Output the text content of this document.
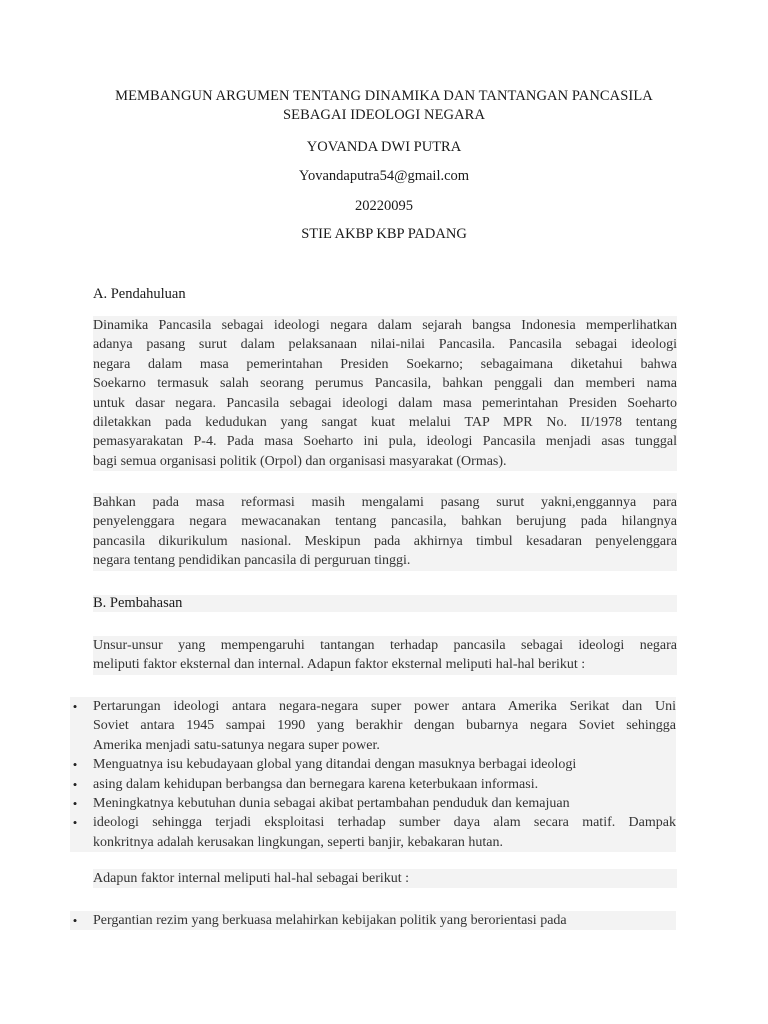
MEMBANGUN ARGUMEN TENTANG DINAMIKA DAN TANTANGAN PANCASILA
SEBAGAI IDEOLOGI NEGARA
YOVANDA DWI PUTRA
Yovandaputra54@gmail.com
20220095
STIE AKBP KBP PADANG
A. Pendahuluan
Dinamika Pancasila sebagai ideologi negara dalam sejarah bangsa Indonesia memperlihatkan
adanya pasang surut dalam pelaksanaan nilai-nilai Pancasila. Pancasila sebagai ideologi
negara dalam masa pemerintahan Presiden Soekarno; sebagaimana diketahui bahwa
Soekarno termasuk salah seorang perumus Pancasila, bahkan penggali dan memberi nama
untuk dasar negara. Pancasila sebagai ideologi dalam masa pemerintahan Presiden Soeharto
diletakkan pada kedudukan yang sangat kuat melalui TAP MPR No. II/1978 tentang
pemasyarakatan P-4. Pada masa Soeharto ini pula, ideologi Pancasila menjadi asas tunggal
bagi semua organisasi politik (Orpol) dan organisasi masyarakat (Ormas).
Bahkan pada masa reformasi masih mengalami pasang surut yakni,enggannya para
penyelenggara negara mewacanakan tentang pancasila, bahkan berujung pada hilangnya
pancasila dikurikulum nasional. Meskipun pada akhirnya timbul kesadaran penyelenggara
negara tentang pendidikan pancasila di perguruan tinggi.
B. Pembahasan
Unsur-unsur yang mempengaruhi tantangan terhadap pancasila sebagai ideologi negara
meliputi faktor eksternal dan internal. Adapun faktor eksternal meliputi hal-hal berikut :
• Pertarungan ideologi antara negara-negara super power antara Amerika Serikat dan Uni
Soviet antara 1945 sampai 1990 yang berakhir dengan bubarnya negara Soviet sehingga
Amerika menjadi satu-satunya negara super power.
• Menguatnya isu kebudayaan global yang ditandai dengan masuknya berbagai ideologi
• asing dalam kehidupan berbangsa dan bernegara karena keterbukaan informasi.
• Meningkatnya kebutuhan dunia sebagai akibat pertambahan penduduk dan kemajuan
• ideologi sehingga terjadi eksploitasi terhadap sumber daya alam secara matif. Dampak
konkritnya adalah kerusakan lingkungan, seperti banjir, kebakaran hutan.
Adapun faktor internal meliputi hal-hal sebagai berikut :
• Pergantian rezim yang berkuasa melahirkan kebijakan politik yang berorientasi pada
